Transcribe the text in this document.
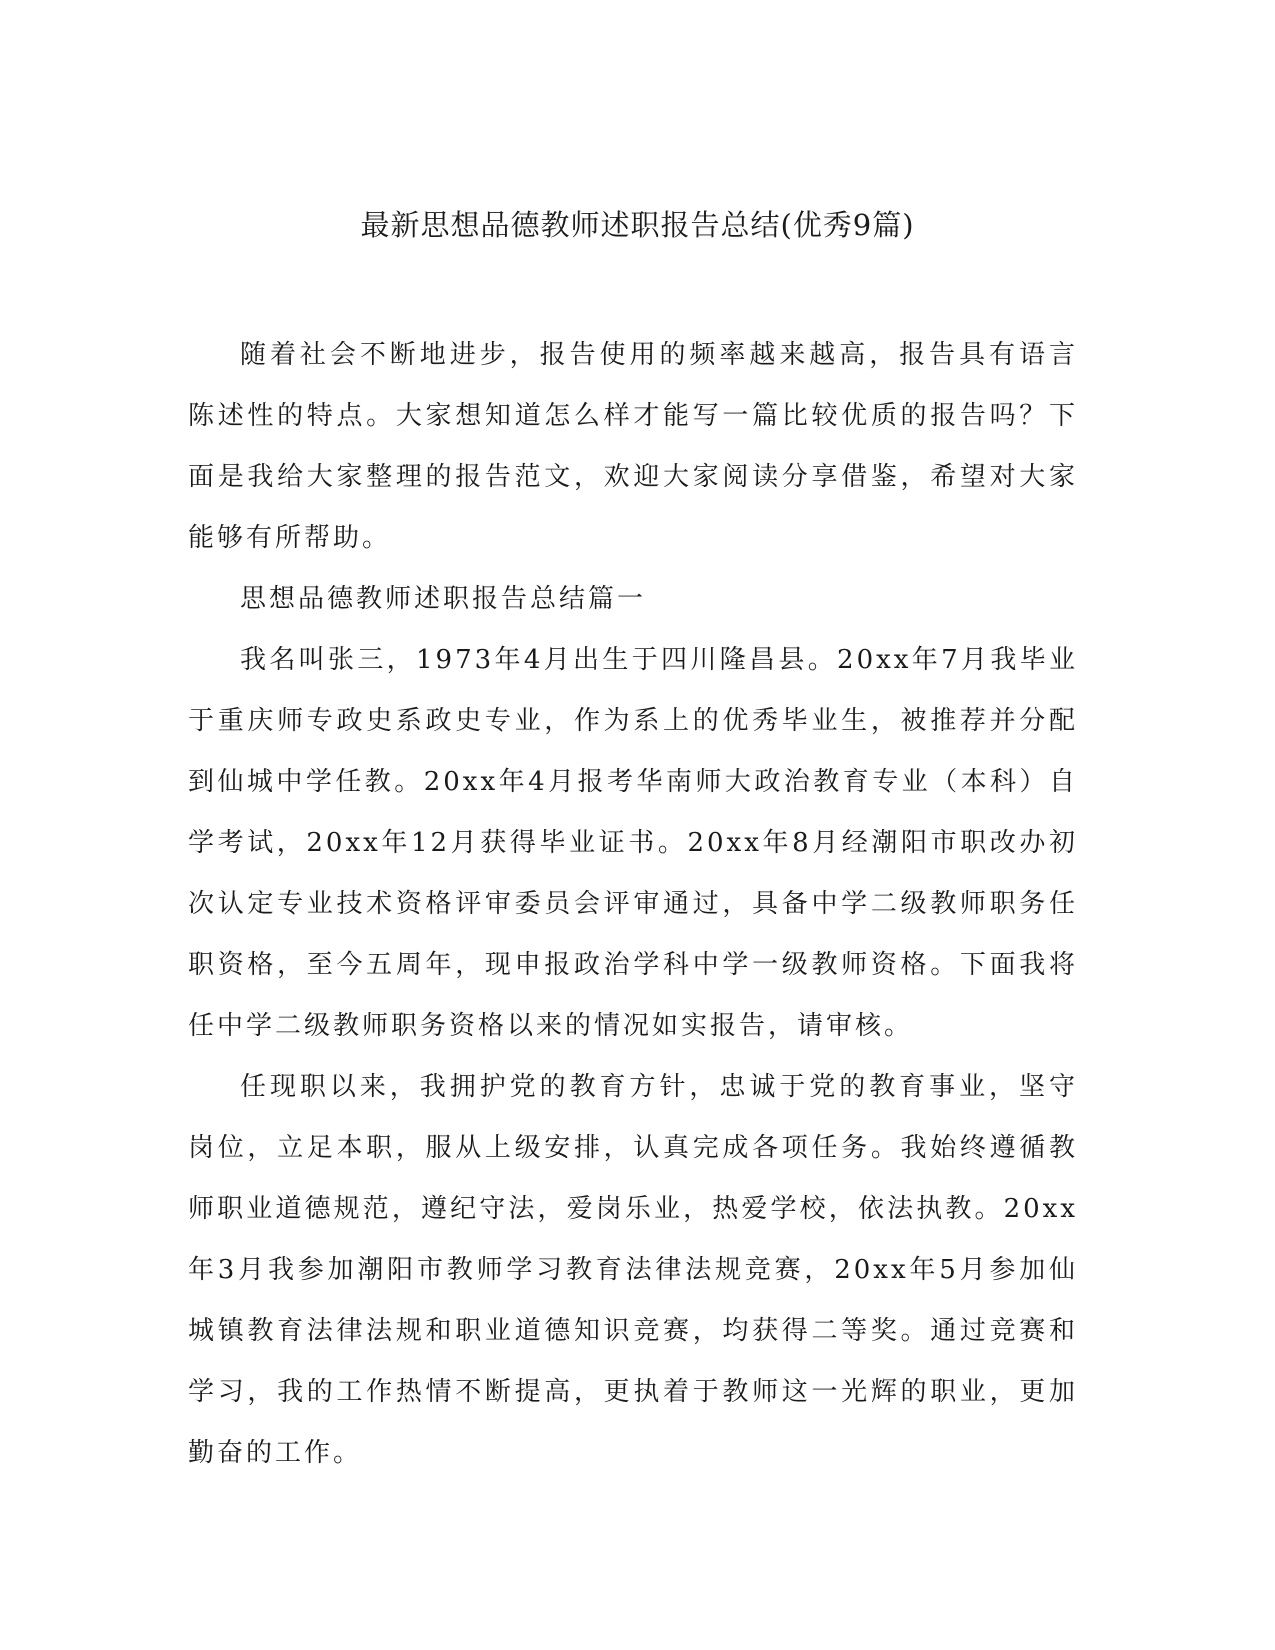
最新思想品德教师述职报告总结(优秀9篇)

随着社会不断地进步，报告使用的频率越来越高，报告具有语言陈述性的特点。大家想知道怎么样才能写一篇比较优质的报告吗？下面是我给大家整理的报告范文，欢迎大家阅读分享借鉴，希望对大家能够有所帮助。

思想品德教师述职报告总结篇一

我名叫张三，1973年4月出生于四川隆昌县。20xx年7月我毕业于重庆师专政史系政史专业，作为系上的优秀毕业生，被推荐并分配到仙城中学任教。20xx年4月报考华南师大政治教育专业（本科）自学考试，20xx年12月获得毕业证书。20xx年8月经潮阳市职改办初次认定专业技术资格评审委员会评审通过，具备中学二级教师职务任职资格，至今五周年，现申报政治学科中学一级教师资格。下面我将任中学二级教师职务资格以来的情况如实报告，请审核。

任现职以来，我拥护党的教育方针，忠诚于党的教育事业，坚守岗位，立足本职，服从上级安排，认真完成各项任务。我始终遵循教师职业道德规范，遵纪守法，爱岗乐业，热爱学校，依法执教。20xx年3月我参加潮阳市教师学习教育法律法规竞赛，20xx年5月参加仙城镇教育法律法规和职业道德知识竞赛，均获得二等奖。通过竞赛和学习，我的工作热情不断提高，更执着于教师这一光辉的职业，更加勤奋的工作。
